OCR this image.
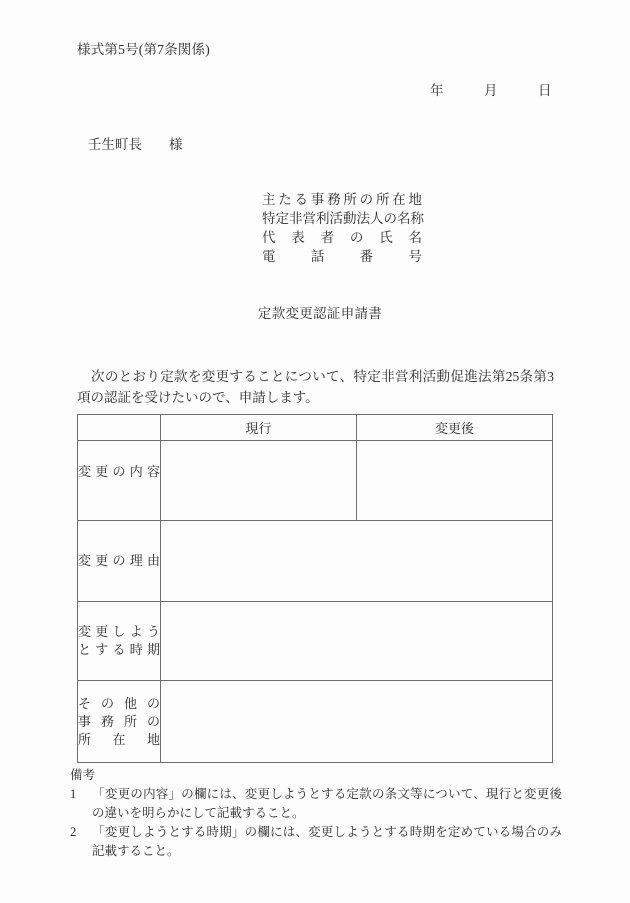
様式第5号(第7条関係)
年　　　月　　　日
壬生町長　　様
主たる事務所の所在地
特定非営利活動法人の名称
代表者の氏名
電話番号
定款変更認証申請書
次のとおり定款を変更することについて、特定非営利活動促進法第25条第3項の認証を受けたいので、申請します。
	現行	変更後

変更の内容		

変更の理由		

変更しよう
とする時期		

その他の
事務所の
所在地		

備考
1 「変更の内容」の欄には、変更しようとする定款の条文等について、現行と変更後の違いを明らかにして記載すること。
2 「変更しようとする時期」の欄には、変更しようとする時期を定めている場合のみ記載すること。
